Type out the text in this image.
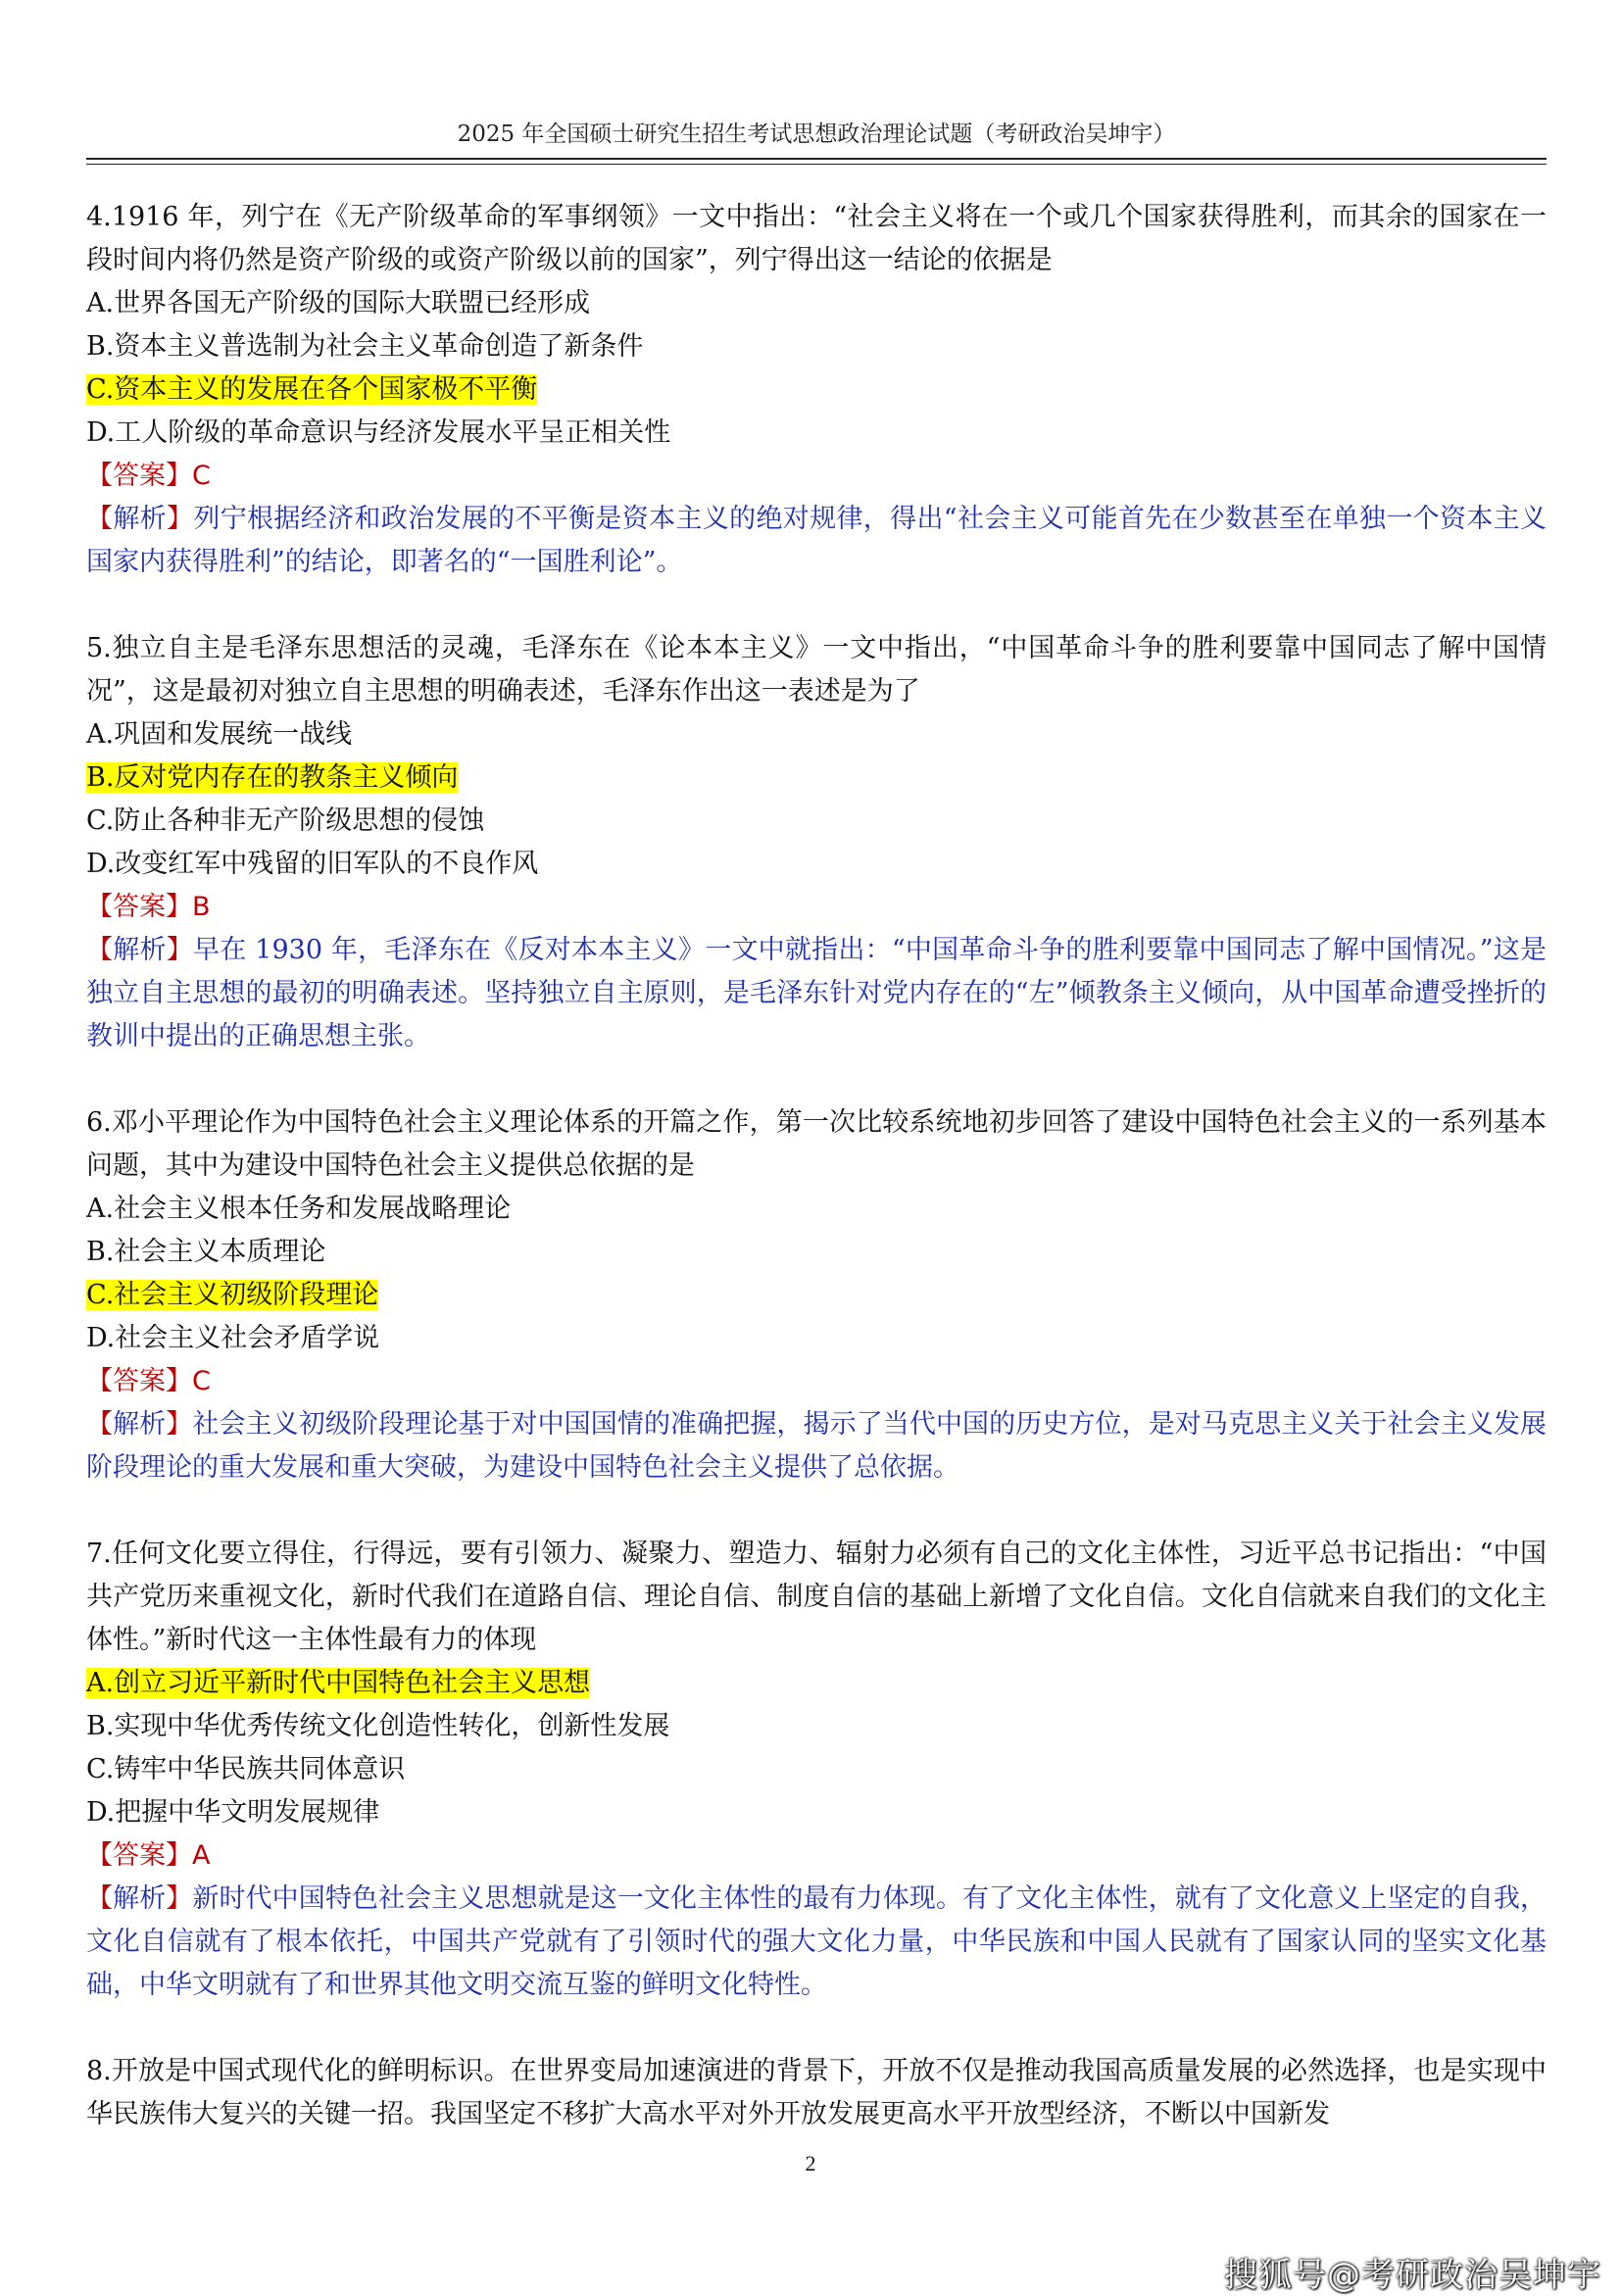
2025 年全国硕士研究生招生考试思想政治理论试题（考研政治吴坤宇）

4.1916 年，列宁在《无产阶级革命的军事纲领》一文中指出：“社会主义将在一个或几个国家获得胜利，而其余的国家在一段时间内将仍然是资产阶级的或资产阶级以前的国家”，列宁得出这一结论的依据是

A.世界各国无产阶级的国际大联盟已经形成

B.资本主义普选制为社会主义革命创造了新条件

C.资本主义的发展在各个国家极不平衡

D.工人阶级的革命意识与经济发展水平呈正相关性

【答案】C

【解析】列宁根据经济和政治发展的不平衡是资本主义的绝对规律，得出“社会主义可能首先在少数甚至在单独一个资本主义国家内获得胜利”的结论，即著名的“一国胜利论”。

5.独立自主是毛泽东思想活的灵魂，毛泽东在《论本本主义》一文中指出，“中国革命斗争的胜利要靠中国同志了解中国情况”，这是最初对独立自主思想的明确表述，毛泽东作出这一表述是为了

A.巩固和发展统一战线

B.反对党内存在的教条主义倾向

C.防止各种非无产阶级思想的侵蚀

D.改变红军中残留的旧军队的不良作风

【答案】B

【解析】早在 1930 年，毛泽东在《反对本本主义》一文中就指出：“中国革命斗争的胜利要靠中国同志了解中国情况。”这是独立自主思想的最初的明确表述。坚持独立自主原则，是毛泽东针对党内存在的“左”倾教条主义倾向，从中国革命遭受挫折的教训中提出的正确思想主张。

6.邓小平理论作为中国特色社会主义理论体系的开篇之作，第一次比较系统地初步回答了建设中国特色社会主义的一系列基本问题，其中为建设中国特色社会主义提供总依据的是

A.社会主义根本任务和发展战略理论

B.社会主义本质理论

C.社会主义初级阶段理论

D.社会主义社会矛盾学说

【答案】C

【解析】社会主义初级阶段理论基于对中国国情的准确把握，揭示了当代中国的历史方位，是对马克思主义关于社会主义发展阶段理论的重大发展和重大突破，为建设中国特色社会主义提供了总依据。

7.任何文化要立得住，行得远，要有引领力、凝聚力、塑造力、辐射力必须有自己的文化主体性，习近平总书记指出：“中国共产党历来重视文化，新时代我们在道路自信、理论自信、制度自信的基础上新增了文化自信。文化自信就来自我们的文化主体性。”新时代这一主体性最有力的体现

A.创立习近平新时代中国特色社会主义思想

B.实现中华优秀传统文化创造性转化，创新性发展

C.铸牢中华民族共同体意识

D.把握中华文明发展规律

【答案】A

【解析】新时代中国特色社会主义思想就是这一文化主体性的最有力体现。有了文化主体性，就有了文化意义上坚定的自我，文化自信就有了根本依托，中国共产党就有了引领时代的强大文化力量，中华民族和中国人民就有了国家认同的坚实文化基础，中华文明就有了和世界其他文明交流互鉴的鲜明文化特性。

8.开放是中国式现代化的鲜明标识。在世界变局加速演进的背景下，开放不仅是推动我国高质量发展的必然选择，也是实现中华民族伟大复兴的关键一招。我国坚定不移扩大高水平对外开放发展更高水平开放型经济，不断以中国新发

2
搜狐号@考研政治吴坤宇
